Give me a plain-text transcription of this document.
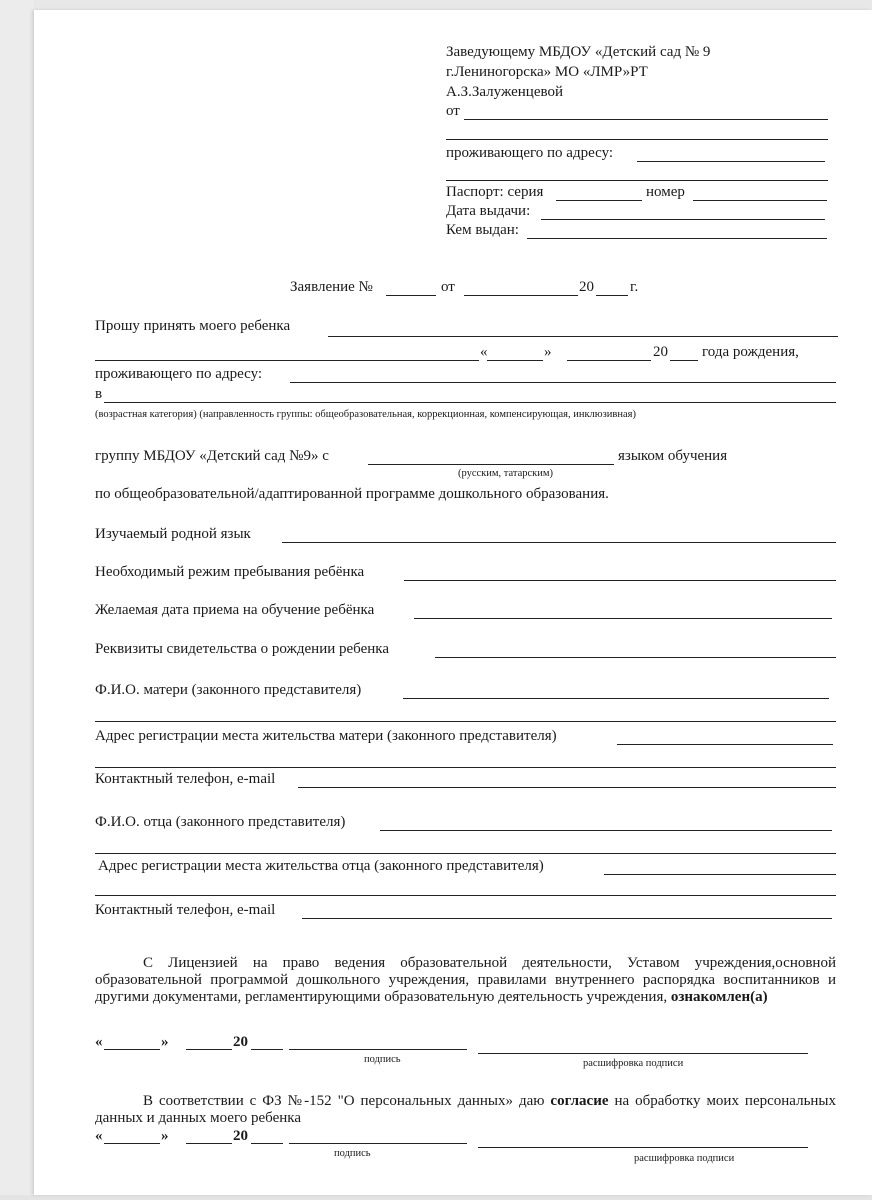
Заведующему МБДОУ «Детский сад № 9
г.Лениногорска» МО «ЛМР»РТ
А.З.Залуженцевой
от
проживающего по адресу:
Паспорт: серия	номер
Дата выдачи:
Кем выдан:
Заявление №	от	20 г.
Прошу принять моего ребенка
«	»	20 года рождения,
проживающего по адресу:
в
(возрастная категория) (направленность группы: общеобразовательная, коррекционная, компенсирующая, инклюзивная)
группу МБДОУ «Детский сад №9» с	языком обучения
(русским, татарским)
по общеобразовательной/адаптированной программе дошкольного образования.
Изучаемый родной язык
Необходимый режим пребывания ребёнка
Желаемая дата приема на обучение ребёнка
Реквизиты свидетельства о рождении ребенка
Ф.И.О. матери (законного представителя)
Адрес регистрации места жительства матери (законного представителя)
Контактный телефон, e-mail
Ф.И.О. отца (законного представителя)
Адрес регистрации места жительства отца (законного представителя)
Контактный телефон, e-mail
С Лицензией на право ведения образовательной деятельности, Уставом учреждения,основной образовательной программой дошкольного учреждения, правилами внутреннего распорядка воспитанников и другими документами, регламентирующими образовательную деятельность учреждения, ознакомлен(а)
«	»	20
подпись	расшифровка подписи
В соответствии с ФЗ №-152 "О персональных данных» даю согласие на обработку моих персональных данных и данных моего ребенка
«	»	20
подпись	расшифровка подписи
